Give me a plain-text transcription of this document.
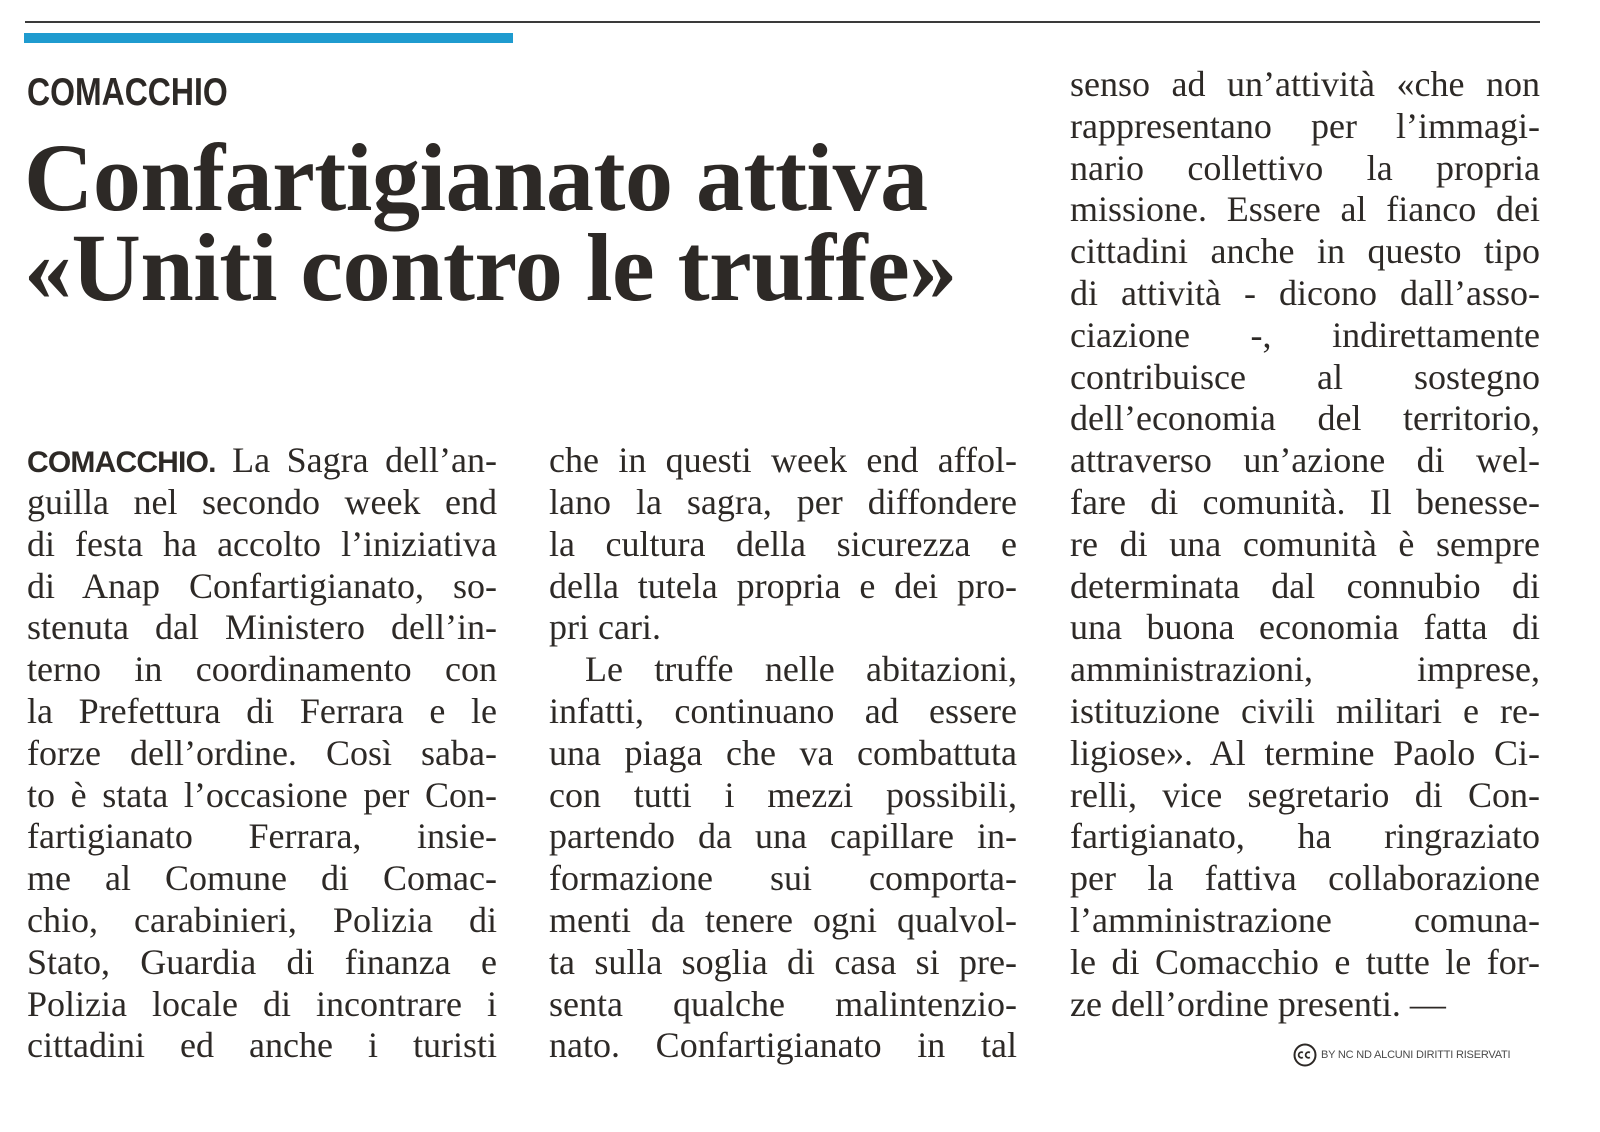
COMACCHIO
Confartigianato attiva
«Uniti contro le truffe»
COMACCHIO. La Sagra dell’an-
guilla nel secondo week end
di festa ha accolto l’iniziativa
di Anap Confartigianato, so-
stenuta dal Ministero dell’in-
terno in coordinamento con
la Prefettura di Ferrara e le
forze dell’ordine. Così saba-
to è stata l’occasione per Con-
fartigianato Ferrara, insie-
me al Comune di Comac-
chio, carabinieri, Polizia di
Stato, Guardia di finanza e
Polizia locale di incontrare i
cittadini ed anche i turisti
che in questi week end affol-
lano la sagra, per diffondere
la cultura della sicurezza e
della tutela propria e dei pro-
pri cari.
Le truffe nelle abitazioni,
infatti, continuano ad essere
una piaga che va combattuta
con tutti i mezzi possibili,
partendo da una capillare in-
formazione sui comporta-
menti da tenere ogni qualvol-
ta sulla soglia di casa si pre-
senta qualche malintenzio-
nato. Confartigianato in tal
senso ad un’attività «che non
rappresentano per l’immagi-
nario collettivo la propria
missione. Essere al fianco dei
cittadini anche in questo tipo
di attività - dicono dall’asso-
ciazione -, indirettamente
contribuisce al sostegno
dell’economia del territorio,
attraverso un’azione di wel-
fare di comunità. Il benesse-
re di una comunità è sempre
determinata dal connubio di
una buona economia fatta di
amministrazioni, imprese,
istituzione civili militari e re-
ligiose». Al termine Paolo Ci-
relli, vice segretario di Con-
fartigianato, ha ringraziato
per la fattiva collaborazione
l’amministrazione comuna-
le di Comacchio e tutte le for-
ze dell’ordine presenti. —
BY NC ND ALCUNI DIRITTI RISERVATI
